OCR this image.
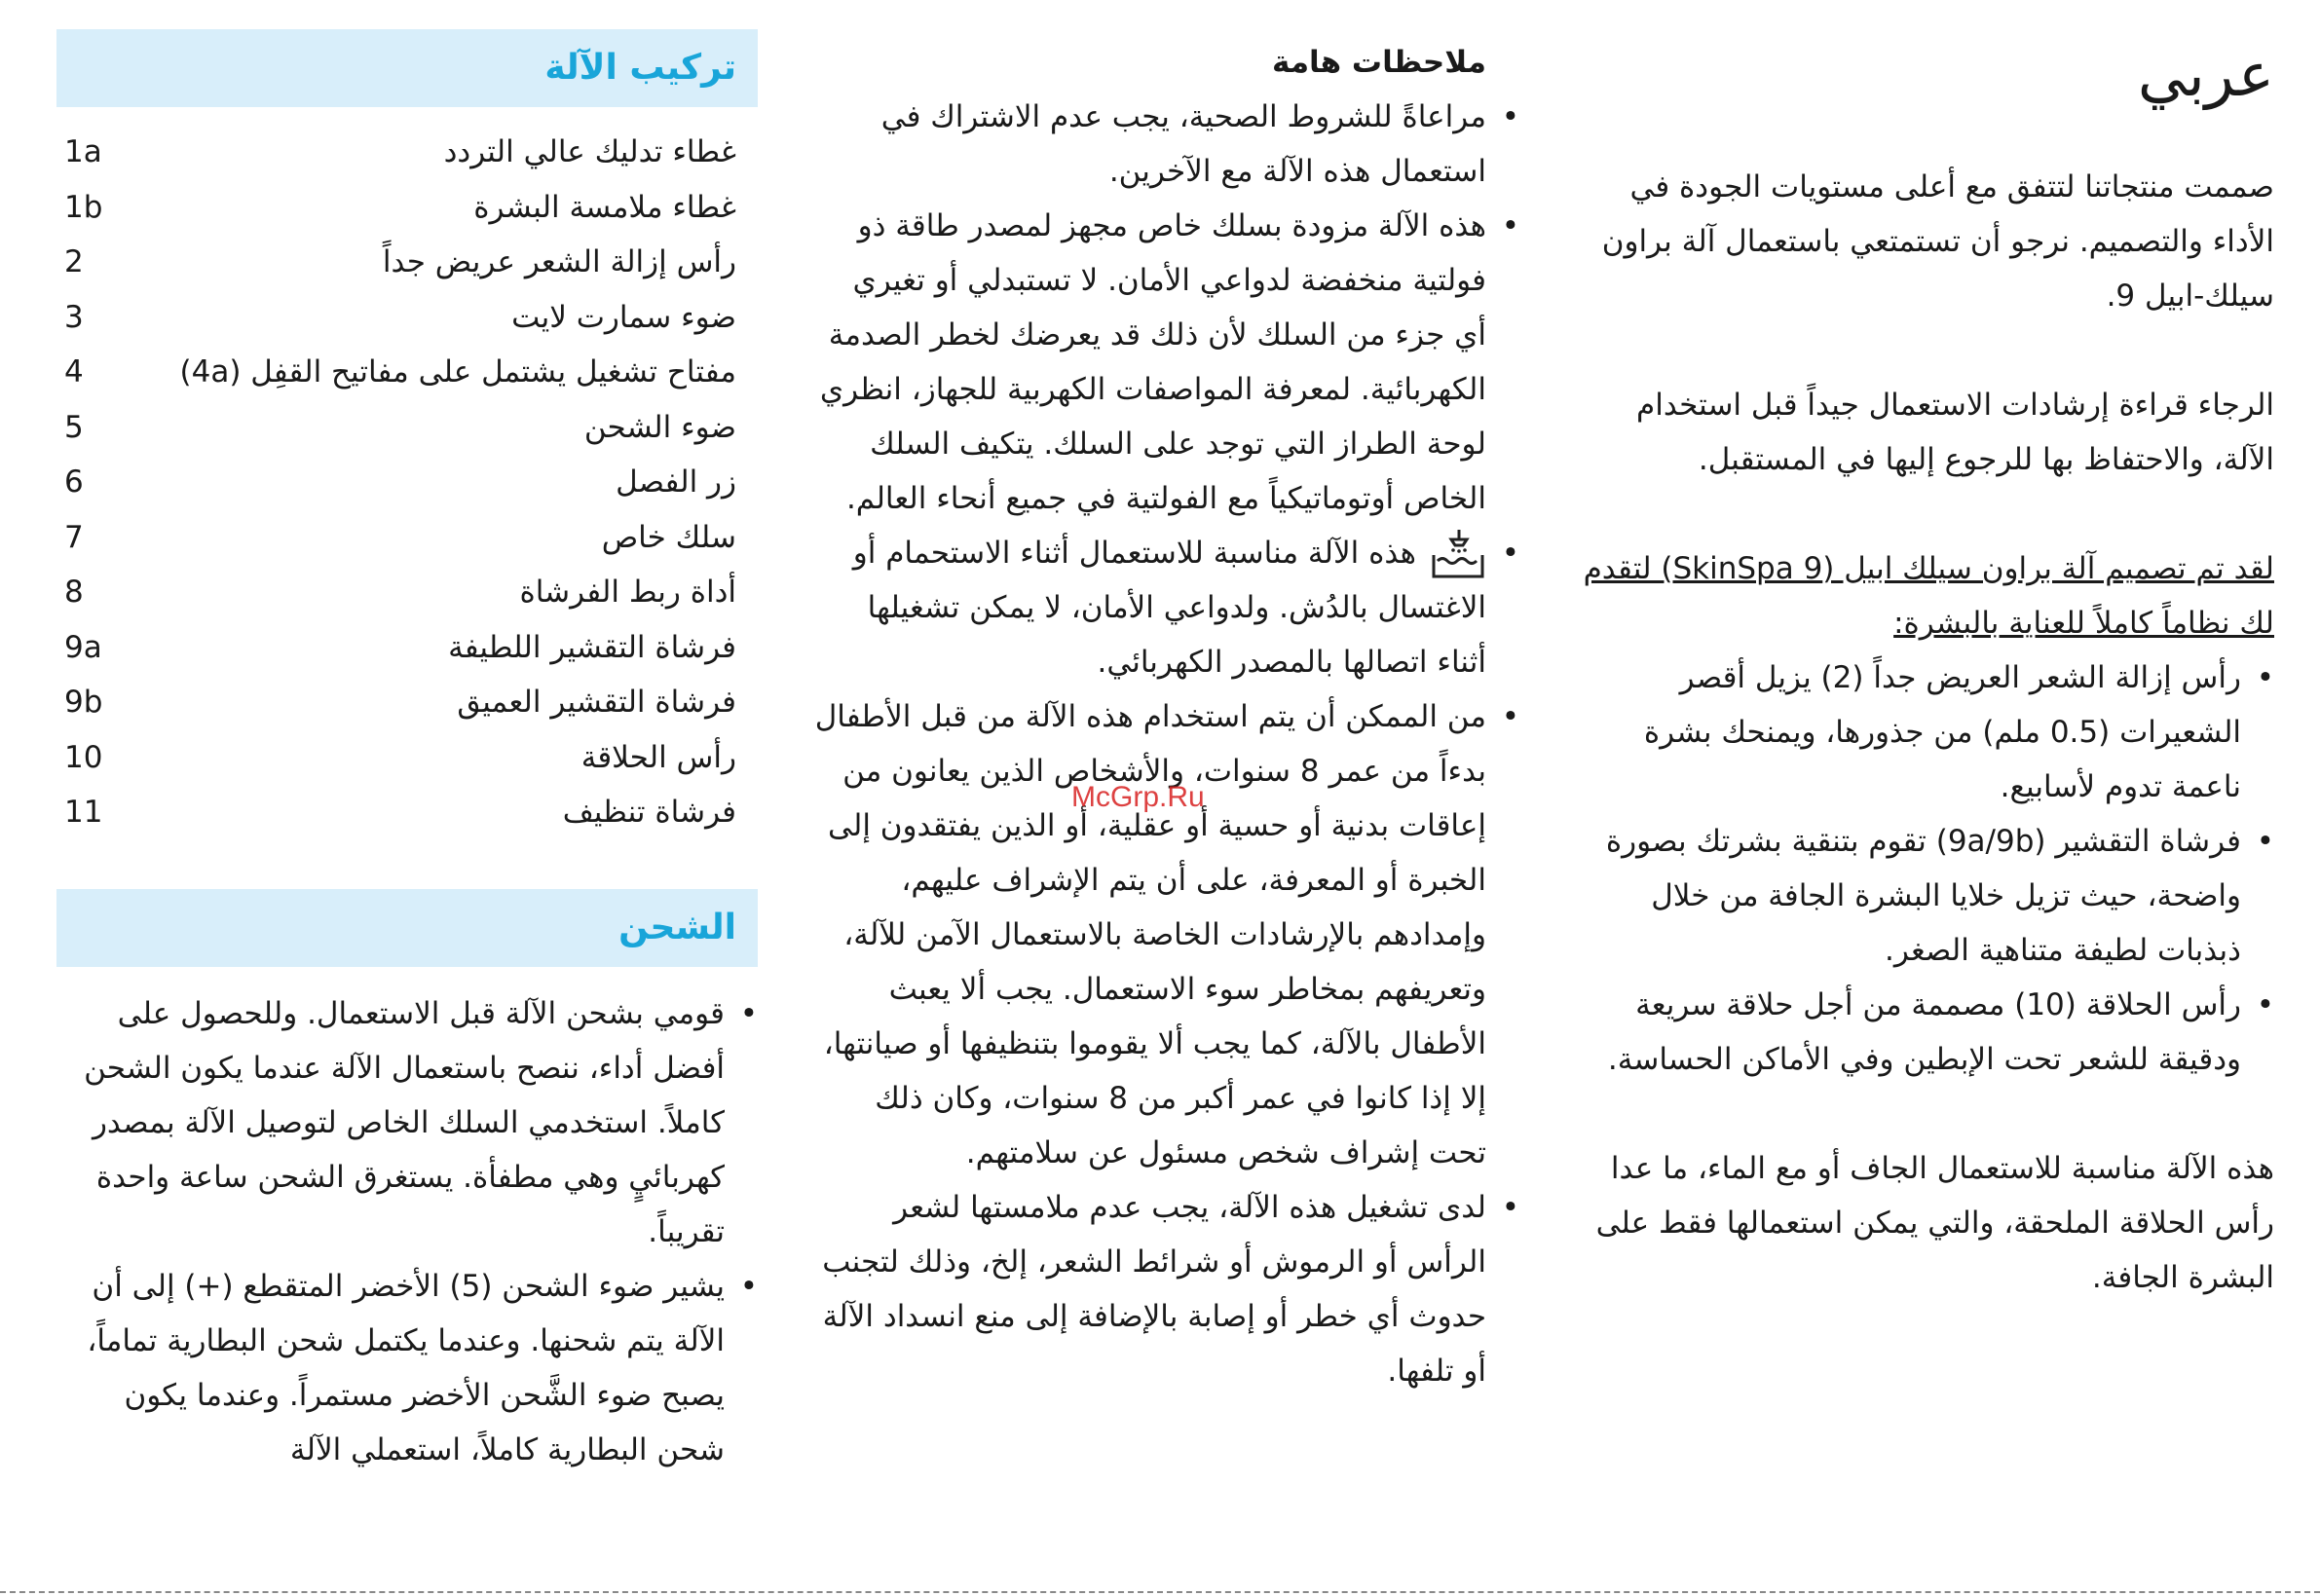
عربي

صممت منتجاتنا لتتفق مع أعلى مستويات الجودة في الأداء والتصميم. نرجو أن تستمتعي باستعمال آلة براون سيلك-ابيل 9.

الرجاء قراءة إرشادات الاستعمال جيداً قبل استخدام الآلة، والاحتفاظ بها للرجوع إليها في المستقبل.

لقد تم تصميم آلة براون سيلك ابيل (SkinSpa 9) لتقدم لك نظاماً كاملاً للعناية بالبشرة:

• رأس إزالة الشعر العريض جداً (2) يزيل أقصر الشعيرات (0.5 ملم) من جذورها، ويمنحك بشرة ناعمة تدوم لأسابيع.
• فرشاة التقشير (9a/9b) تقوم بتنقية بشرتك بصورة واضحة، حيث تزيل خلايا البشرة الجافة من خلال ذبذبات لطيفة متناهية الصغر.
• رأس الحلاقة (10) مصممة من أجل حلاقة سريعة ودقيقة للشعر تحت الإبطين وفي الأماكن الحساسة.

هذه الآلة مناسبة للاستعمال الجاف أو مع الماء، ما عدا رأس الحلاقة الملحقة، والتي يمكن استعمالها فقط على البشرة الجافة.

ملاحظات هامة
• مراعاةً للشروط الصحية، يجب عدم الاشتراك في استعمال هذه الآلة مع الآخرين.
• هذه الآلة مزودة بسلك خاص مجهز لمصدر طاقة ذو فولتية منخفضة لدواعي الأمان. لا تستبدلي أو تغيري أي جزء من السلك لأن ذلك قد يعرضك لخطر الصدمة الكهربائية. لمعرفة المواصفات الكهربية للجهاز، انظري لوحة الطراز التي توجد على السلك. يتكيف السلك الخاص أوتوماتيكياً مع الفولتية في جميع أنحاء العالم.
• هذه الآلة مناسبة للاستعمال أثناء الاستحمام أو الاغتسال بالدُش. ولدواعي الأمان، لا يمكن تشغيلها أثناء اتصالها بالمصدر الكهربائي.
• من الممكن أن يتم استخدام هذه الآلة من قبل الأطفال بدءاً من عمر 8 سنوات، والأشخاص الذين يعانون من إعاقات بدنية أو حسية أو عقلية، أو الذين يفتقدون إلى الخبرة أو المعرفة، على أن يتم الإشراف عليهم، وإمدادهم بالإرشادات الخاصة بالاستعمال الآمن للآلة، وتعريفهم بمخاطر سوء الاستعمال. يجب ألا يعبث الأطفال بالآلة، كما يجب ألا يقوموا بتنظيفها أو صيانتها، إلا إذا كانوا في عمر أكبر من 8 سنوات، وكان ذلك تحت إشراف شخص مسئول عن سلامتهم.
• لدى تشغيل هذه الآلة، يجب عدم ملامستها لشعر الرأس أو الرموش أو شرائط الشعر، إلخ، وذلك لتجنب حدوث أي خطر أو إصابة بالإضافة إلى منع انسداد الآلة أو تلفها.
تركيب الآلة
1a	غطاء تدليك عالي التردد
1b	غطاء ملامسة البشرة
2	رأس إزالة الشعر عريض جداً
3	ضوء سمارت لايت
4	مفتاح تشغيل يشتمل على مفاتيح القفِل (4a)
5	ضوء الشحن
6	زر الفصل
7	سلك خاص
8	أداة ربط الفرشاة
9a	فرشاة التقشير اللطيفة
9b	فرشاة التقشير العميق
10	رأس الحلاقة
11	فرشاة تنظيف
الشحن
• قومي بشحن الآلة قبل الاستعمال. وللحصول على أفضل أداء، ننصح باستعمال الآلة عندما يكون الشحن كاملاً. استخدمي السلك الخاص لتوصيل الآلة بمصدر كهربائيٍ وهي مطفأة. يستغرق الشحن ساعة واحدة تقريباً.
• يشير ضوء الشحن (5) الأخضر المتقطع (+) إلى أن الآلة يتم شحنها. وعندما يكتمل شحن البطارية تماماً، يصبح ضوء الشَّحن الأخضر مستمراً. وعندما يكون شحن البطارية كاملاً، استعملي الآلة
McGrp.Ru
